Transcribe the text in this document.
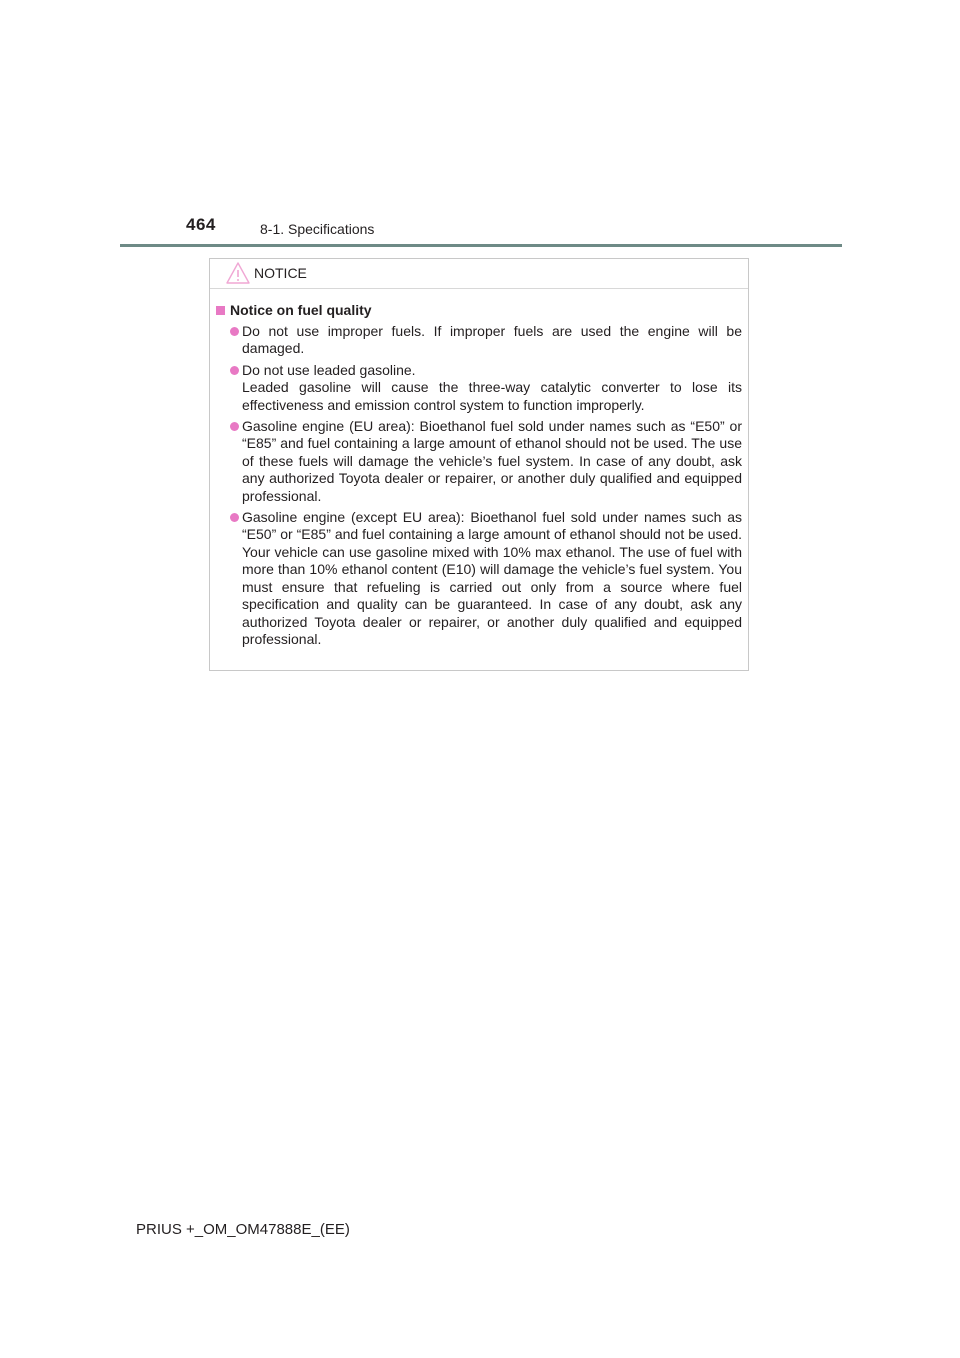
464	8-1. Specifications
NOTICE
Notice on fuel quality

Do not use improper fuels. If improper fuels are used the engine will be damaged.

Do not use leaded gasoline.

Leaded gasoline will cause the three-way catalytic converter to lose its effectiveness and emission control system to function improperly.

Gasoline engine (EU area): Bioethanol fuel sold under names such as “E50” or “E85” and fuel containing a large amount of ethanol should not be used. The use of these fuels will damage the vehicle’s fuel system. In case of any doubt, ask any authorized Toyota dealer or repairer, or another duly qualified and equipped professional.

Gasoline engine (except EU area): Bioethanol fuel sold under names such as “E50” or “E85” and fuel containing a large amount of ethanol should not be used. Your vehicle can use gasoline mixed with 10% max ethanol. The use of fuel with more than 10% ethanol content (E10) will damage the vehicle’s fuel system. You must ensure that refueling is carried out only from a source where fuel specification and quality can be guaranteed. In case of any doubt, ask any authorized Toyota dealer or repairer, or another duly qualified and equipped professional.

PRIUS +_OM_OM47888E_(EE)
